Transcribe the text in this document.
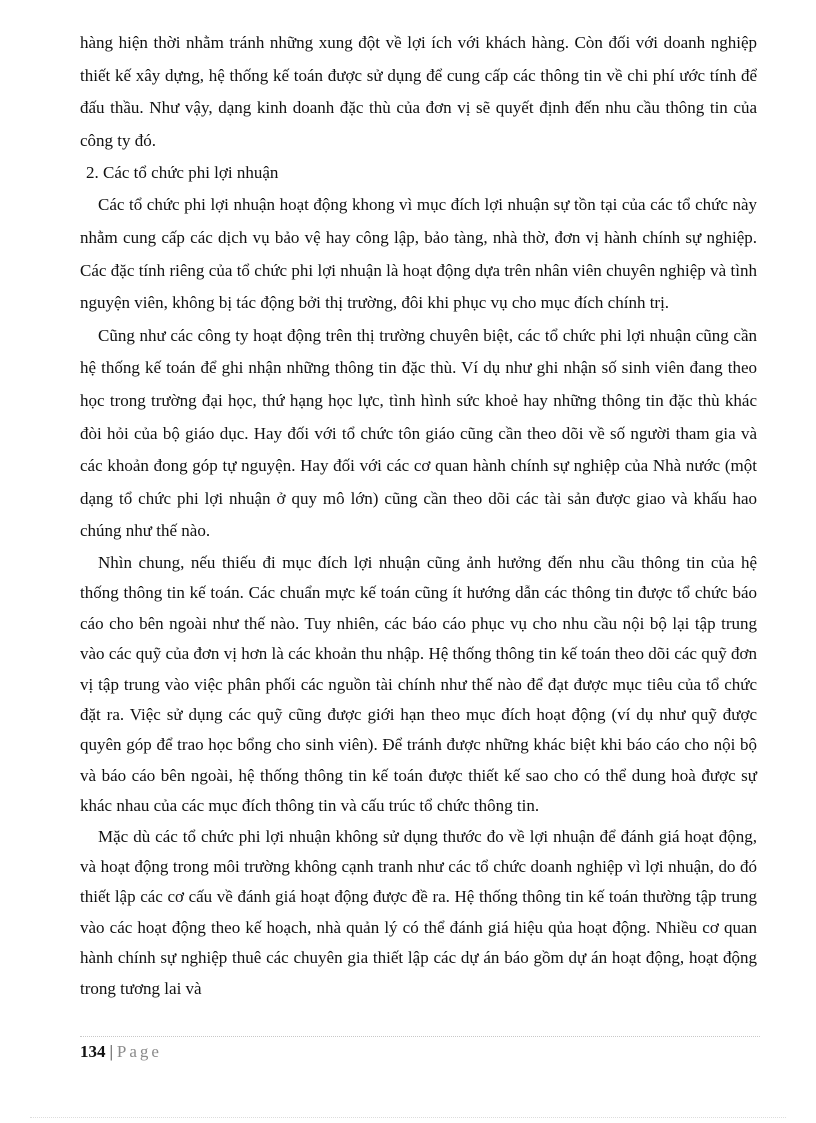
hàng hiện thời nhằm tránh những xung đột về lợi ích với khách hàng. Còn đối với doanh nghiệp thiết kế xây dựng, hệ thống kế toán được sử dụng để cung cấp các thông tin về chi phí ước tính để đấu thầu. Như vậy, dạng kinh doanh đặc thù của đơn vị sẽ quyết định đến nhu cầu thông tin của công ty đó.

2. Các tổ chức phi lợi nhuận

Các tổ chức phi lợi nhuận hoạt động khong vì mục đích lợi nhuận sự tồn tại của các tổ chức này nhằm cung cấp các dịch vụ bảo vệ hay công lập, bảo tàng, nhà thờ, đơn vị hành chính sự nghiệp. Các đặc tính riêng của tổ chức phi lợi nhuận là hoạt động dựa trên nhân viên chuyên nghiệp và tình nguyện viên, không bị tác động bởi thị trường, đôi khi phục vụ cho mục đích chính trị.

Cũng như các công ty hoạt động trên thị trường chuyên biệt, các tổ chức phi lợi nhuận cũng cần hệ thống kế toán để ghi nhận những thông tin đặc thù. Ví dụ như ghi nhận số sinh viên đang theo học trong trường đại học, thứ hạng học lực, tình hình sức khoẻ hay những thông tin đặc thù khác đòi hỏi của bộ giáo dục. Hay đối với tổ chức tôn giáo cũng cần theo dõi về số người tham gia và các khoản đong góp tự nguyện. Hay đối với các cơ quan hành chính sự nghiệp của Nhà nước (một dạng tổ chức phi lợi nhuận ở quy mô lớn) cũng cần theo dõi các tài sản được giao và khấu hao chúng như thế nào.

Nhìn chung, nếu thiếu đi mục đích lợi nhuận cũng ảnh hưởng đến nhu cầu thông tin của hệ thống thông tin kế toán. Các chuẩn mực kế toán cũng ít hướng dẫn các thông tin được tổ chức báo cáo cho bên ngoài như thế nào. Tuy nhiên, các báo cáo phục vụ cho nhu cầu nội bộ lại tập trung vào các quỹ của đơn vị hơn là các khoản thu nhập. Hệ thống thông tin kế toán theo dõi các quỹ đơn vị tập trung vào việc phân phối các nguồn tài chính như thế nào để đạt được mục tiêu của tổ chức đặt ra. Việc sử dụng các quỹ cũng được giới hạn theo mục đích hoạt động (ví dụ như quỹ được quyên góp để trao học bổng cho sinh viên). Để tránh được những khác biệt khi báo cáo cho nội bộ và báo cáo bên ngoài, hệ thống thông tin kế toán được thiết kế sao cho có thể dung hoà được sự khác nhau của các mục đích thông tin và cấu trúc tổ chức thông tin.

Mặc dù các tổ chức phi lợi nhuận không sử dụng thước đo về lợi nhuận để đánh giá hoạt động, và hoạt động trong môi trường không cạnh tranh như các tổ chức doanh nghiệp vì lợi nhuận, do đó thiết lập các cơ cấu về đánh giá hoạt động được đề ra. Hệ thống thông tin kế toán thường tập trung vào các hoạt động theo kế hoạch, nhà quản lý có thể đánh giá hiệu qủa hoạt động. Nhiều cơ quan hành chính sự nghiệp thuê các chuyên gia thiết lập các dự án báo gồm dự án hoạt động, hoạt động trong tương lai và

134 | Page
